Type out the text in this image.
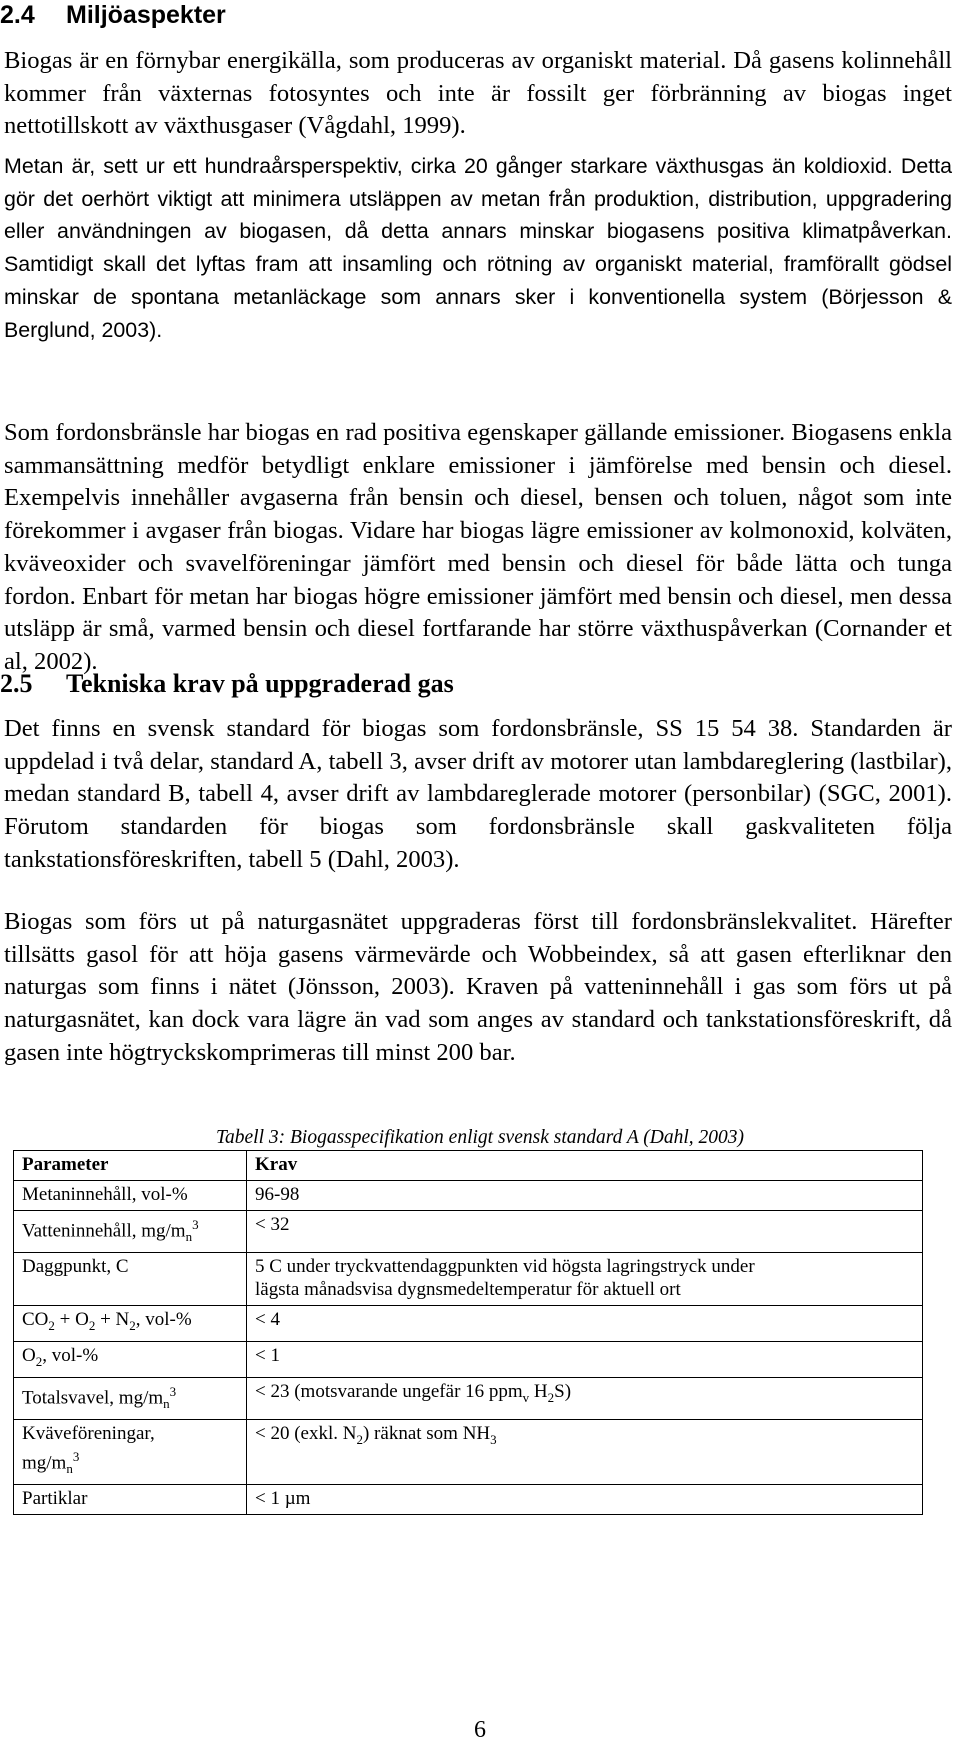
2.4 Miljöaspekter

Biogas är en förnybar energikälla, som produceras av organiskt material. Då gasens kolinnehåll kommer från växternas fotosyntes och inte är fossilt ger förbränning av biogas inget nettotillskott av växthusgaser (Vågdahl, 1999).

Metan är, sett ur ett hundraårsperspektiv, cirka 20 gånger starkare växthusgas än koldioxid. Detta gör det oerhört viktigt att minimera utsläppen av metan från produktion, distribution, uppgradering eller användningen av biogasen, då detta annars minskar biogasens positiva klimatpåverkan. Samtidigt skall det lyftas fram att insamling och rötning av organiskt material, framförallt gödsel minskar de spontana metanläckage som annars sker i konventionella system (Börjesson & Berglund, 2003).

Som fordonsbränsle har biogas en rad positiva egenskaper gällande emissioner. Biogasens enkla sammansättning medför betydligt enklare emissioner i jämförelse med bensin och diesel. Exempelvis innehåller avgaserna från bensin och diesel, bensen och toluen, något som inte förekommer i avgaser från biogas. Vidare har biogas lägre emissioner av kolmonoxid, kolväten, kväveoxider och svavelföreningar jämfört med bensin och diesel för både lätta och tunga fordon. Enbart för metan har biogas högre emissioner jämfört med bensin och diesel, men dessa utsläpp är små, varmed bensin och diesel fortfarande har större växthuspåverkan (Cornander et al, 2002).

2.5 Tekniska krav på uppgraderad gas

Det finns en svensk standard för biogas som fordonsbränsle, SS 15 54 38. Standarden är uppdelad i två delar, standard A, tabell 3, avser drift av motorer utan lambdareglering (lastbilar), medan standard B, tabell 4, avser drift av lambdareglerade motorer (personbilar) (SGC, 2001). Förutom standarden för biogas som fordonsbränsle skall gaskvaliteten följa tankstationsföreskriften, tabell 5 (Dahl, 2003).

Biogas som förs ut på naturgasnätet uppgraderas först till fordonsbränslekvalitet. Härefter tillsätts gasol för att höja gasens värmevärde och Wobbeindex, så att gasen efterliknar den naturgas som finns i nätet (Jönsson, 2003). Kraven på vatteninnehåll i gas som förs ut på naturgasnätet, kan dock vara lägre än vad som anges av standard och tankstationsföreskrift, då gasen inte högtryckskomprimeras till minst 200 bar.

Tabell 3: Biogasspecifikation enligt svensk standard A (Dahl, 2003)
Parameter	Krav
Metaninnehåll, vol-%	96-98
Vatteninnehåll, $mg/m_n^3$	< 32
Daggpunkt, C	5 C under tryckvattendaggpunkten vid högsta lagringstryck under
lägsta månadsvisa dygnsmedeltemperatur för aktuell ort

$CO_2 + O_2 + N_2$, vol-%	< 4
$O_2$, vol-%	< 1
Totalsvavel, $mg/m_n^3$	< 23 (motsvarande ungefär 16 ppm$_v$ $H_2S$)

Kväveföreningar,
$mg/m_n^3$	< 20 (exkl. $N_2$) räknat som $NH_3$
Partiklar	< 1 µm
6
